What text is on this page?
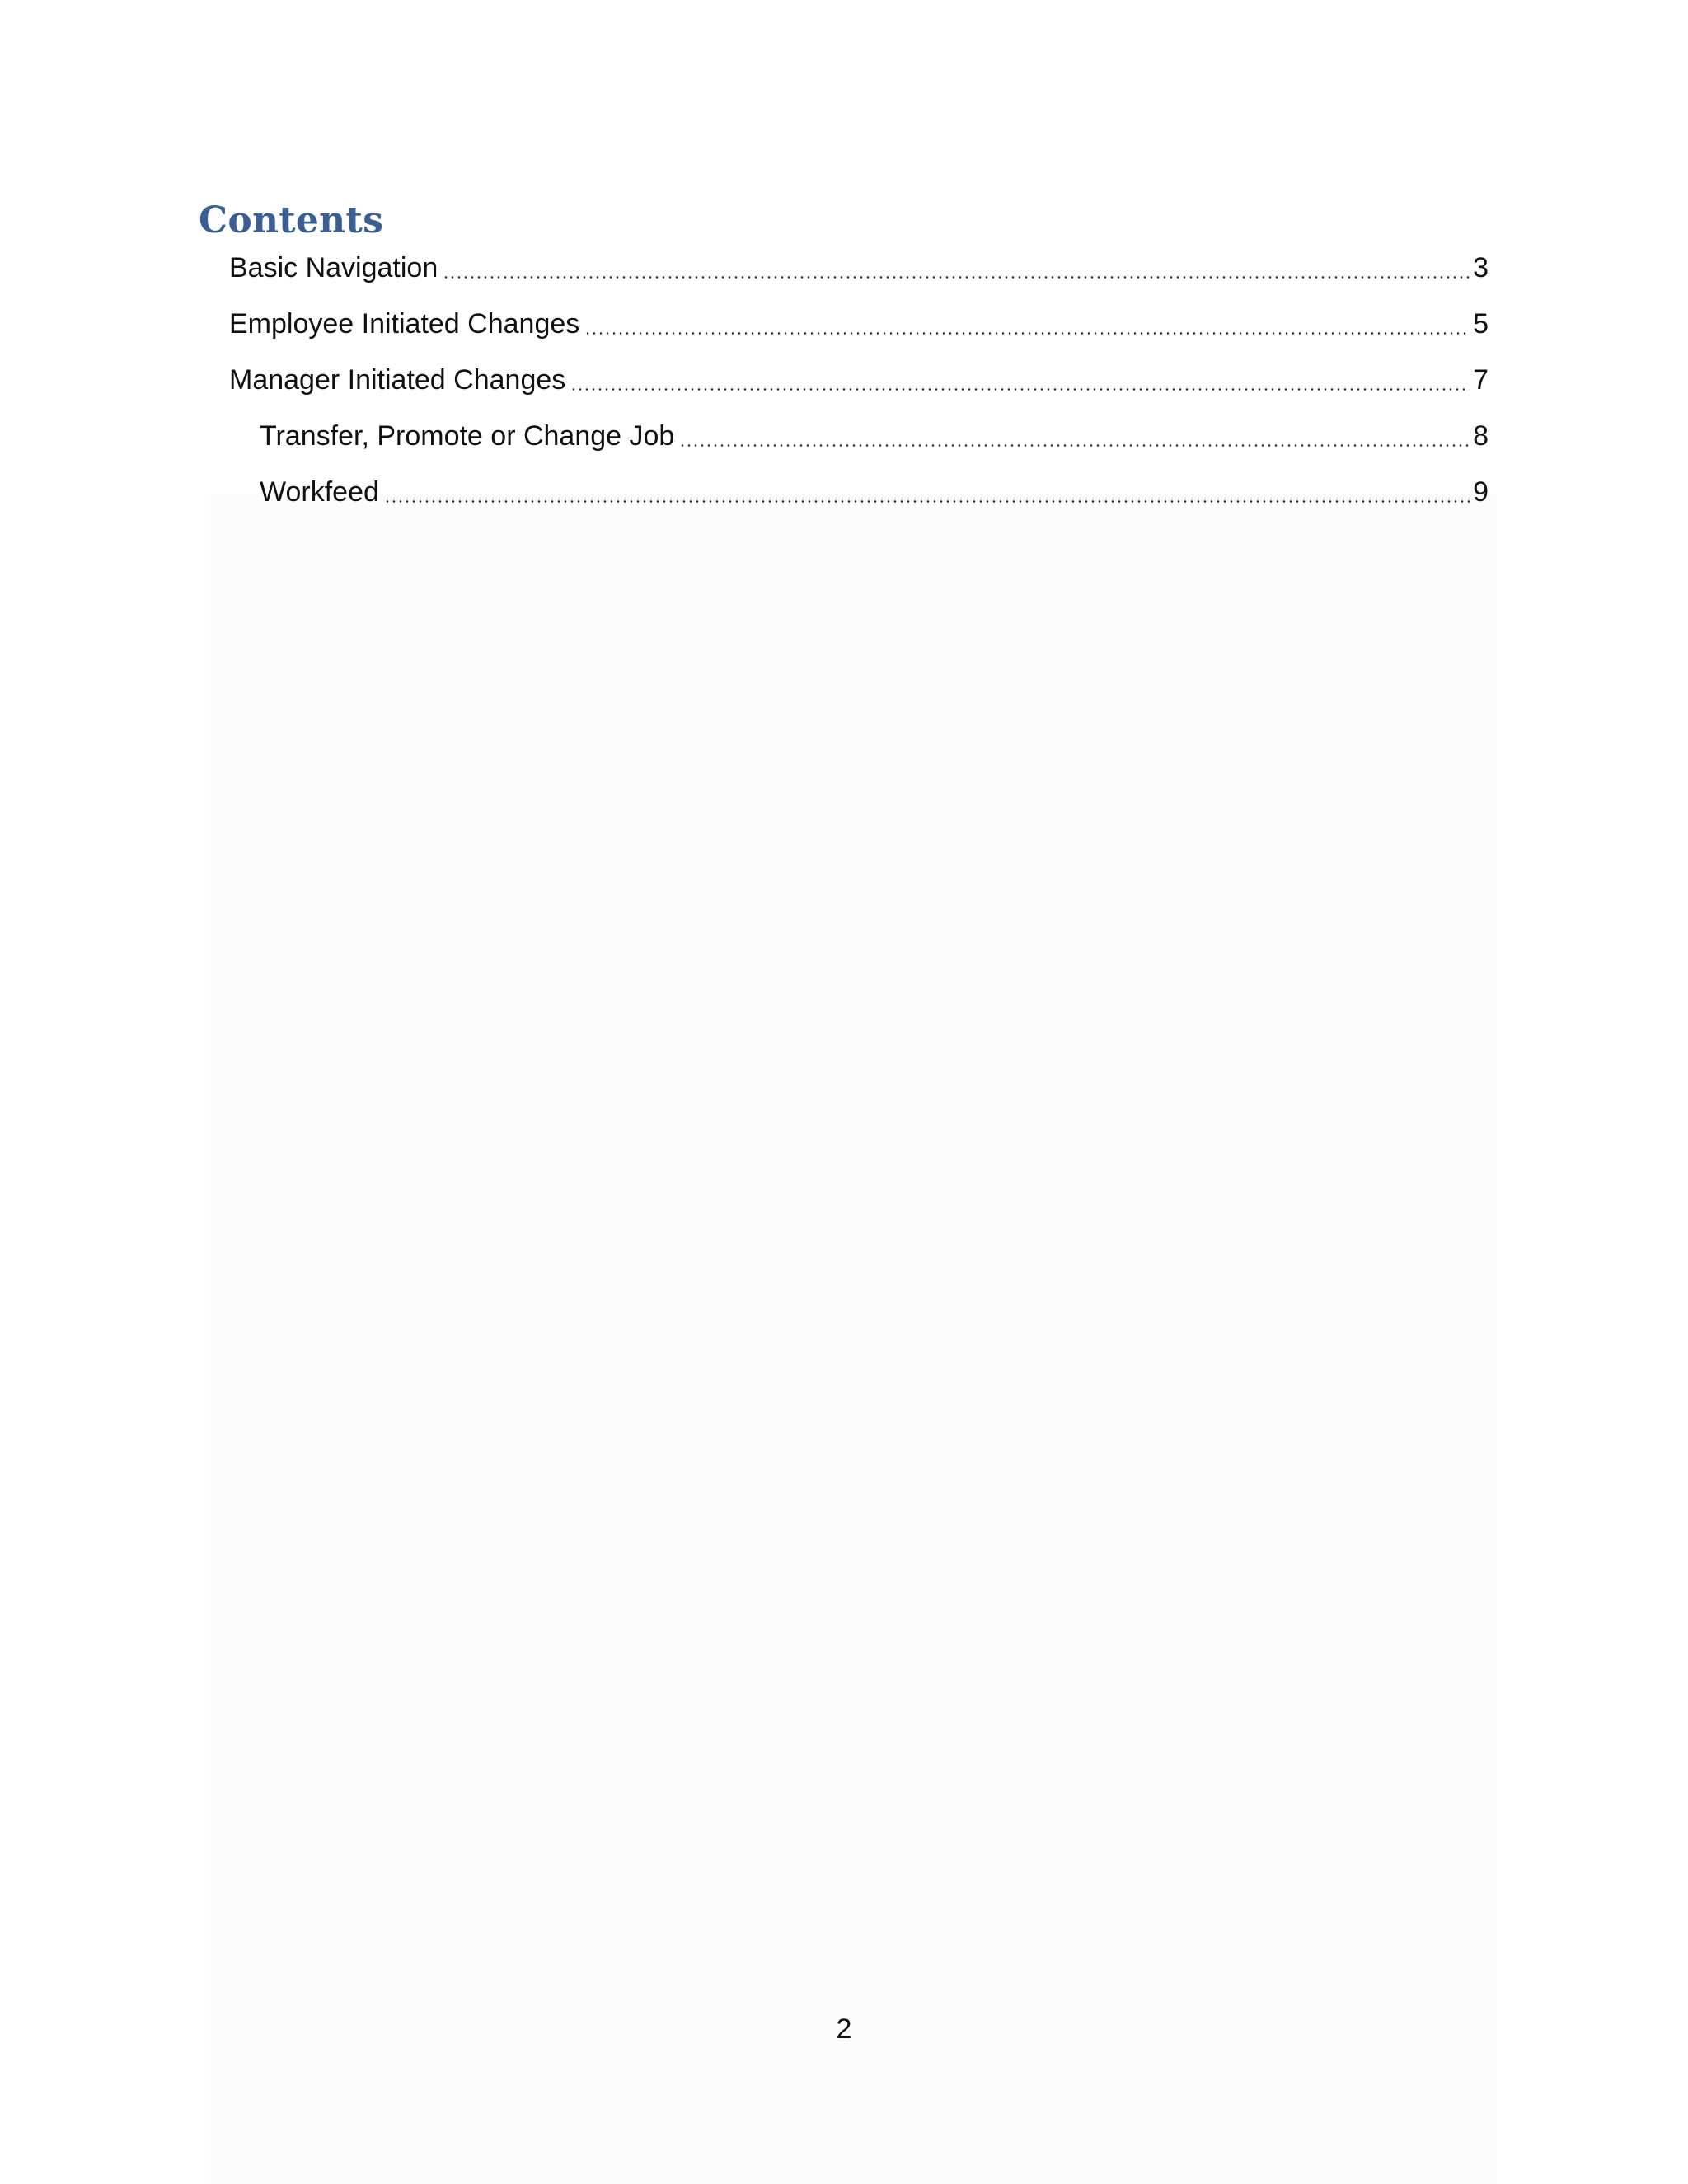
Contents
Basic Navigation	3
Employee Initiated Changes	5
Manager Initiated Changes	7
Transfer, Promote or Change Job	8
Workfeed	9
2
